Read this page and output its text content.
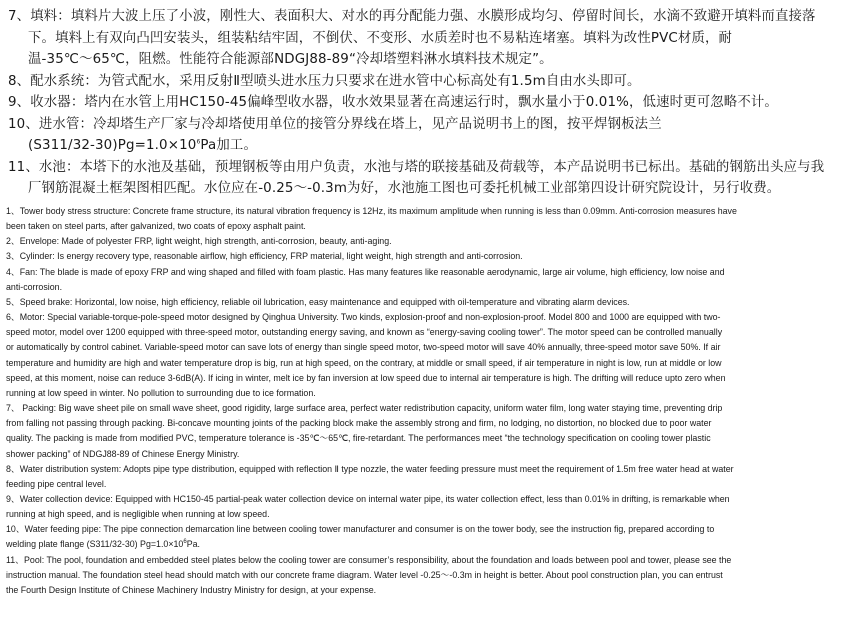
7、填料：填料片大波上压了小波，刚性大、表面积大、对水的再分配能力强、水膜形成均匀、停留时间长，水滴不致避开填料而直接落
下。填料上有双向凸凹安装头，组装粘结牢固，不倒伏、不变形、水质差时也不易粘连堵塞。填料为改性PVC材质，耐
温-35℃～65℃，阻燃。性能符合能源部NDGJ88-89“冷却塔塑料淋水填料技术规定”。
8、配水系统：为管式配水，采用反射Ⅱ型喷头进水压力只要求在进水管中心标高处有1.5m自由水头即可。
9、收水器：塔内在水管上用HC150-45偏峰型收水器，收水效果显著在高速运行时，飘水量小于0.01%，低速时更可忽略不计。
10、进水管：冷却塔生产厂家与冷却塔使用单位的接管分界线在塔上，见产品说明书上的图，按平焊钢板法兰
$(S311/32-30)Pg=1.0\times 10^6Pa$加工。
11、水池：本塔下的水池及基础，预埋钢板等由用户负责，水池与塔的联接基础及荷载等，本产品说明书已标出。基础的钢筋出头应与我
厂钢筋混凝土框架图相匹配。水位应在-0.25～-0.3m为好，水池施工图也可委托机械工业部第四设计研究院设计，另行收费。

1、Tower body stress structure: Concrete frame structure, its natural vibration frequency is 12Hz, its maximum amplitude when running is less than 0.09mm. Anti-corrosion measures have

been taken on steel parts, after galvanized, two coats of epoxy asphalt paint.

2、Envelope: Made of polyester FRP, light weight, high strength, anti-corrosion, beauty, anti-aging.

3、Cylinder: Is energy recovery type, reasonable airflow, high efficiency, FRP material, light weight, high strength and anti-corrosion.

4、Fan: The blade is made of epoxy FRP and wing shaped and filled with foam plastic. Has many features like reasonable aerodynamic, large air volume, high efficiency, low noise and

anti-corrosion.

5、Speed brake: Horizontal, low noise, high efficiency, reliable oil lubrication, easy maintenance and equipped with oil-temperature and vibrating alarm devices.

6、Motor: Special variable-torque-pole-speed motor designed by Qinghua University. Two kinds, explosion-proof and non-explosion-proof. Model 800 and 1000 are equipped with two-

speed motor, model over 1200 equipped with three-speed motor, outstanding energy saving, and known as “energy-saving cooling tower”. The motor speed can be controlled manually

or automatically by control cabinet. Variable-speed motor can save lots of energy than single speed motor, two-speed motor will save 40% annually, three-speed motor save 50%. If air

temperature and humidity are high and water temperature drop is big, run at high speed, on the contrary, at middle or small speed, if air temperature in night is low, run at middle or low

speed, at this moment, noise can reduce 3-6dB(A). If icing in winter, melt ice by fan inversion at low speed due to internal air temperature is high. The drifting will reduce upto zero when

running at low speed in winter. No pollution to surrounding due to ice formation.

7、 Packing: Big wave sheet pile on small wave sheet, good rigidity, large surface area, perfect water redistribution capacity, uniform water film, long water staying time, preventing drip

from falling not passing through packing. Bi-concave mounting joints of the packing block make the assembly strong and firm, no lodging, no distortion, no blocked due to poor water

quality. The packing is made from modified PVC, temperature tolerance is -35℃～65℃, fire-retardant. The performances meet “the technology specification on cooling tower plastic

shower packing” of NDGJ88-89 of Chinese Energy Ministry.

8、Water distribution system: Adopts pipe type distribution, equipped with reflection Ⅱ type nozzle, the water feeding pressure must meet the requirement of 1.5m free water head at water

feeding pipe central level.

9、Water collection device: Equipped with HC150-45 partial-peak water collection device on internal water pipe, its water collection effect, less than 0.01% in drifting, is remarkable when

running at high speed, and is negligible when running at low speed.

10、Water feeding pipe: The pipe connection demarcation line between cooling tower manufacturer and consumer is on the tower body, see the instruction fig, prepared according to

welding plate flange (S311/32-30) $Pg=1.0\times 10^6Pa$.

11、Pool: The pool, foundation and embedded steel plates below the cooling tower are consumer’s responsibility, about the foundation and loads between pool and tower, please see the

instruction manual. The foundation steel head should match with our concrete frame diagram. Water level -0.25～-0.3m in height is better. About pool construction plan, you can entrust

the Fourth Design Institute of Chinese Machinery Industry Ministry for design, at your expense.
